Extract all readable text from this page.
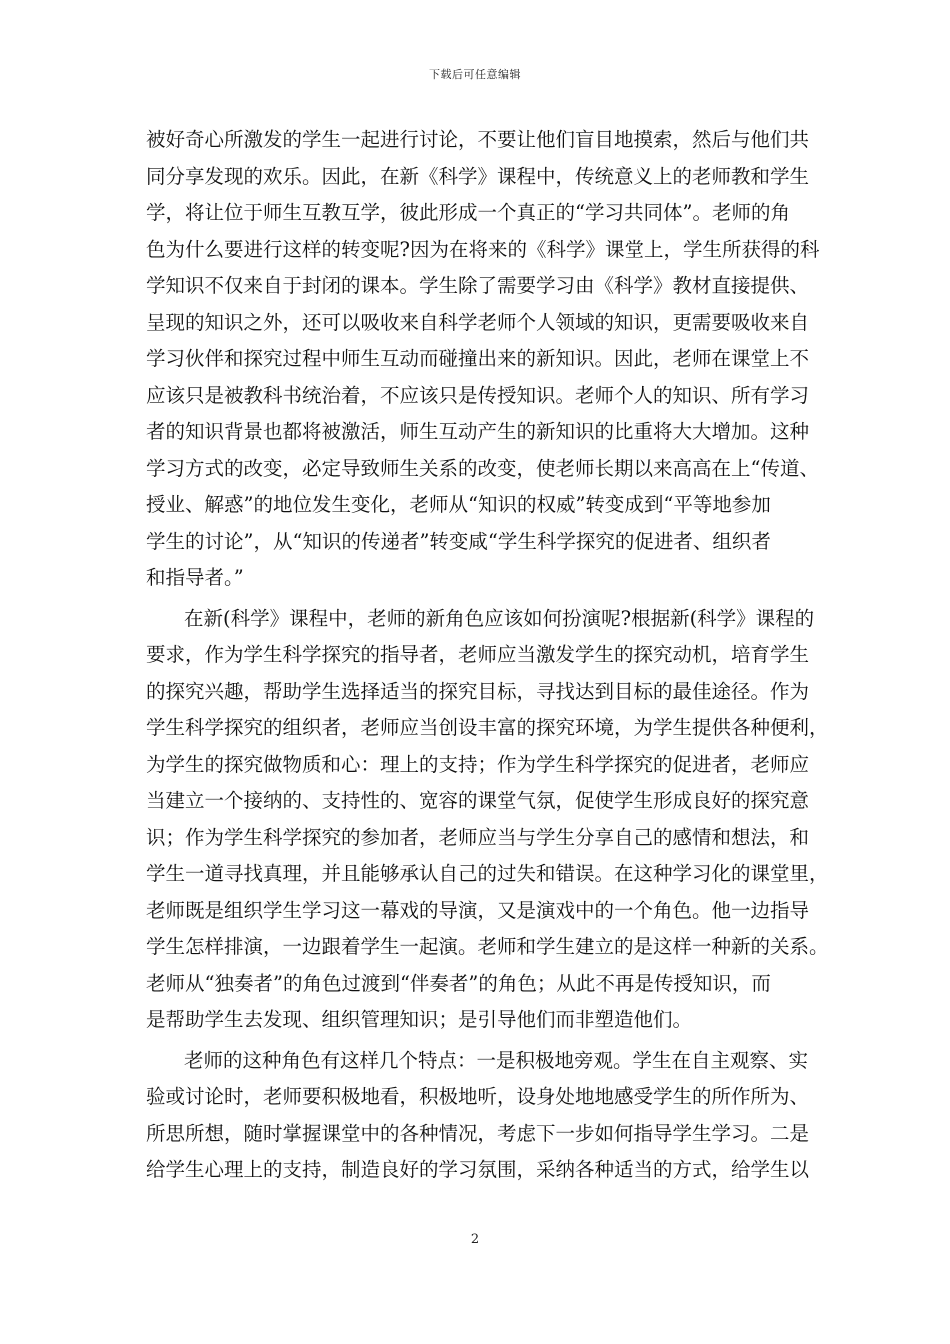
下载后可任意编辑
被好奇心所激发的学生一起进行讨论，不要让他们盲目地摸索，然后与他们共
同分享发现的欢乐。因此，在新《科学》课程中，传统意义上的老师教和学生
学，将让位于师生互教互学，彼此形成一个真正的“学习共同体”。老师的角
色为什么要进行这样的转变呢?因为在将来的《科学》课堂上，学生所获得的科
学知识不仅来自于封闭的课本。学生除了需要学习由《科学》教材直接提供、
呈现的知识之外，还可以吸收来自科学老师个人领域的知识，更需要吸收来自
学习伙伴和探究过程中师生互动而碰撞出来的新知识。因此，老师在课堂上不
应该只是被教科书统治着，不应该只是传授知识。老师个人的知识、所有学习
者的知识背景也都将被激活，师生互动产生的新知识的比重将大大增加。这种
学习方式的改变，必定导致师生关系的改变，使老师长期以来高高在上“传道、
授业、解惑”的地位发生变化，老师从“知识的权威”转变成到“平等地参加
学生的讨论”，从“知识的传递者”转变咸“学生科学探究的促进者、组织者
和指导者。”
在新(科学》课程中，老师的新角色应该如何扮演呢?根据新(科学》课程的
要求，作为学生科学探究的指导者，老师应当激发学生的探究动机，培育学生
的探究兴趣，帮助学生选择适当的探究目标，寻找达到目标的最佳途径。作为
学生科学探究的组织者，老师应当创设丰富的探究环境，为学生提供各种便利，
为学生的探究做物质和心：理上的支持；作为学生科学探究的促进者，老师应
当建立一个接纳的、支持性的、宽容的课堂气氛，促使学生形成良好的探究意
识；作为学生科学探究的参加者，老师应当与学生分享自己的感情和想法，和
学生一道寻找真理，并且能够承认自己的过失和错误。在这种学习化的课堂里，
老师既是组织学生学习这一幕戏的导演，又是演戏中的一个角色。他一边指导
学生怎样排演，一边跟着学生一起演。老师和学生建立的是这样一种新的关系。
老师从“独奏者”的角色过渡到“伴奏者”的角色；从此不再是传授知识，而
是帮助学生去发现、组织管理知识；是引导他们而非塑造他们。
老师的这种角色有这样几个特点：一是积极地旁观。学生在自主观察、实
验或讨论时，老师要积极地看，积极地听，设身处地地感受学生的所作所为、
所思所想，随时掌握课堂中的各种情况，考虑下一步如何指导学生学习。二是
给学生心理上的支持，制造良好的学习氛围，采纳各种适当的方式，给学生以
2
